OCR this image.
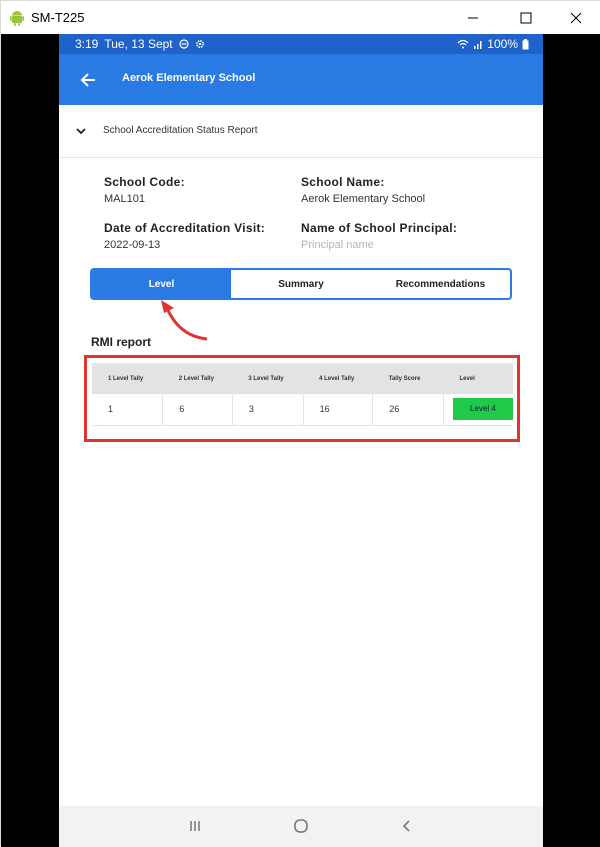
SM-T225
3:19 Tue, 13 Sept	100%
Aerok Elementary School
School Accreditation Status Report
School Code:
MAL101
School Name:
Aerok Elementary School
Date of Accreditation Visit:
2022-09-13
Name of School Principal:
Principal name
Level	Summary	Recommendations
RMI report
1 Level Tally	2 Level Tally	3 Level Tally	4 Level Tally	Tally Score	Level
1	6	3	16	26	Level 4
